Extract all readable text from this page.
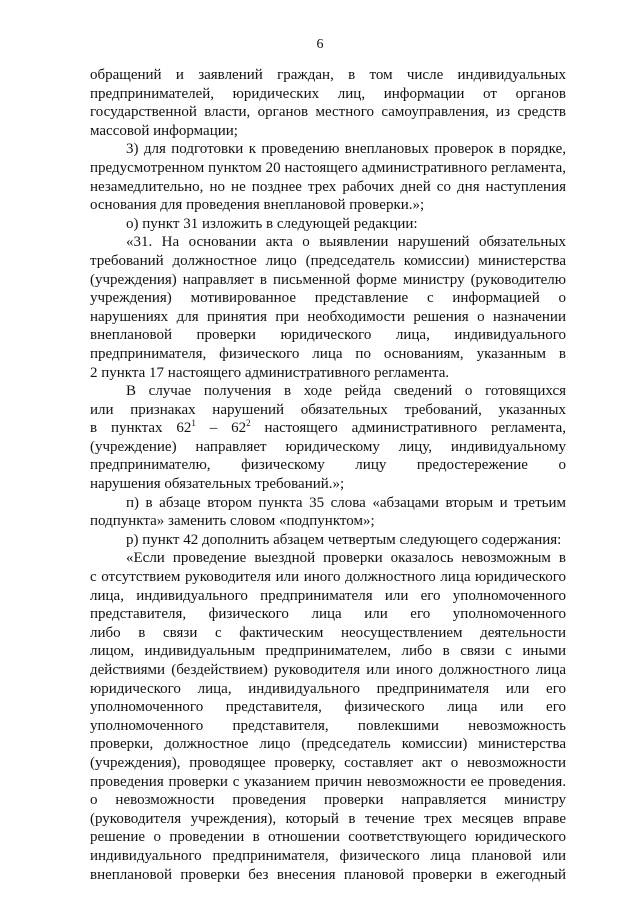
6
обращений и заявлений граждан, в том числе индивидуальных
предпринимателей, юридических лиц, информации от органов
государственной власти, органов местного самоуправления, из средств
массовой информации;
3) для подготовки к проведению внеплановых проверок в порядке,
предусмотренном пунктом 20 настоящего административного регламента,
незамедлительно, но не позднее трех рабочих дней со дня наступления
основания для проведения внеплановой проверки.»;
о) пункт 31 изложить в следующей редакции:
«31. На основании акта о выявлении нарушений обязательных
требований должностное лицо (председатель комиссии) министерства
(учреждения) направляет в письменной форме министру (руководителю
учреждения) мотивированное представление с информацией о
нарушениях для принятия при необходимости решения о назначении
внеплановой проверки юридического лица, индивидуального
предпринимателя, физического лица по основаниям, указанным в
2 пункта 17 настоящего административного регламента.
В случае получения в ходе рейда сведений о готовящихся
или признаках нарушений обязательных требований, указанных
в пунктах $62^1 - 62^2$ настоящего административного регламента,
(учреждение) направляет юридическому лицу, индивидуальному
предпринимателю, физическому лицу предостережение о
нарушения обязательных требований.»;
п) в абзаце втором пункта 35 слова «абзацами вторым и третьим
подпункта» заменить словом «подпунктом»;
р) пункт 42 дополнить абзацем четвертым следующего содержания:
«Если проведение выездной проверки оказалось невозможным в
с отсутствием руководителя или иного должностного лица юридического
лица, индивидуального предпринимателя или его уполномоченного
представителя, физического лица или его уполномоченного
либо в связи с фактическим неосуществлением деятельности
лицом, индивидуальным предпринимателем, либо в связи с иными
действиями (бездействием) руководителя или иного должностного лица
юридического лица, индивидуального предпринимателя или его
уполномоченного представителя, физического лица или его
уполномоченного представителя, повлекшими невозможность
проверки, должностное лицо (председатель комиссии) министерства
(учреждения), проводящее проверку, составляет акт о невозможности
проведения проверки с указанием причин невозможности ее проведения.
о невозможности проведения проверки направляется министру
(руководителя учреждения), который в течение трех месяцев вправе
решение о проведении в отношении соответствующего юридического
индивидуального предпринимателя, физического лица плановой или
внеплановой проверки без внесения плановой проверки в ежегодный
